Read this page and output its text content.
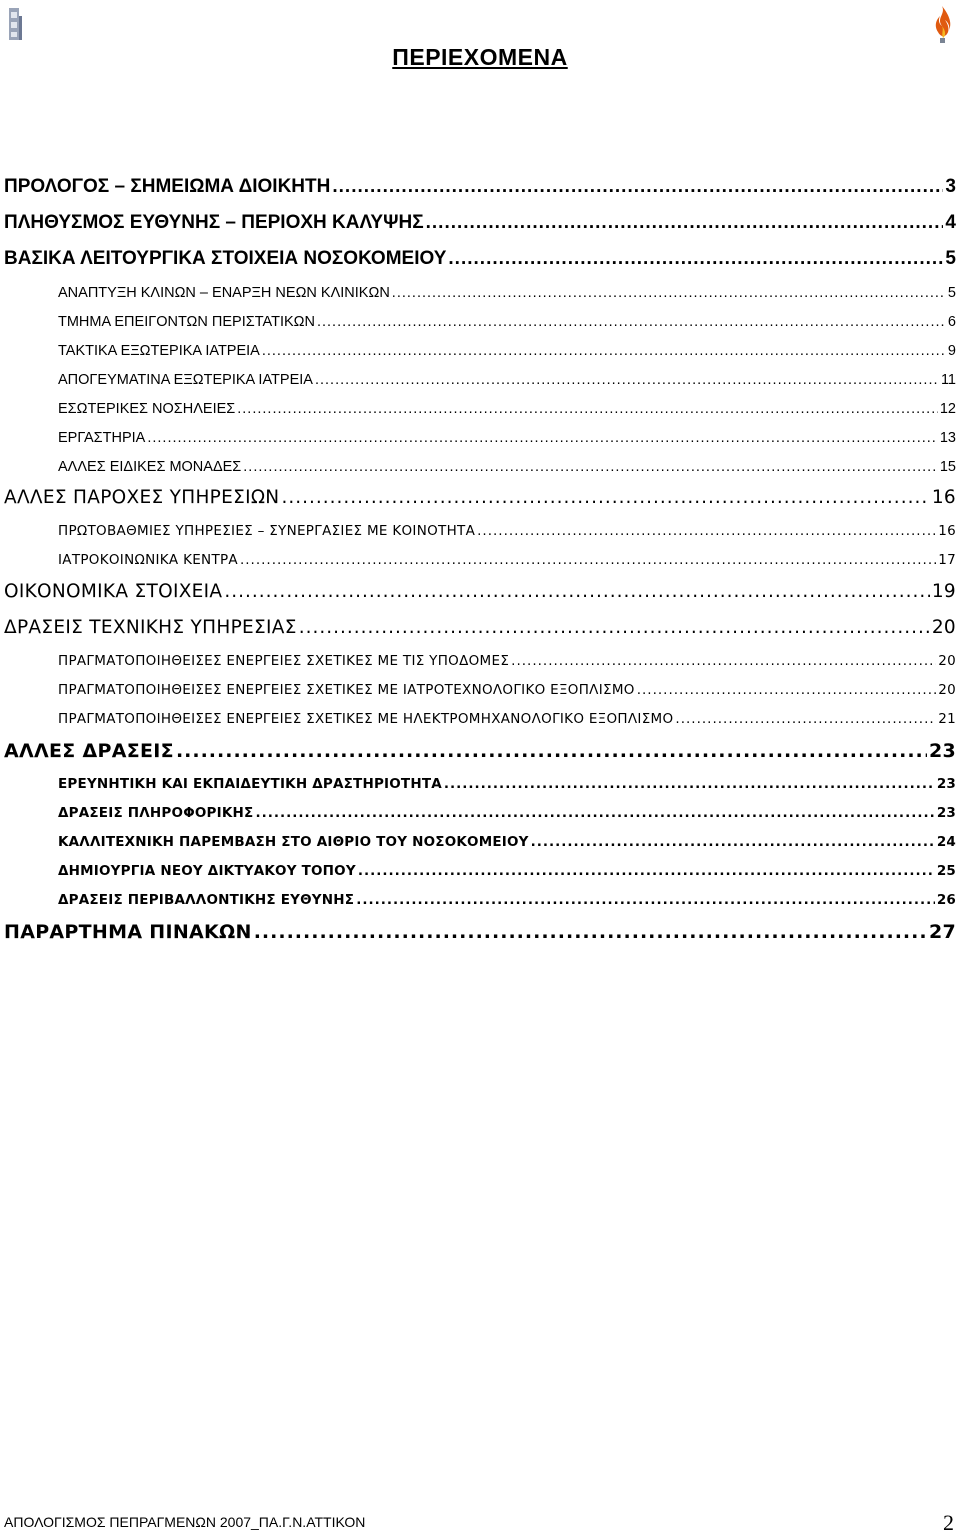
ΠΕΡΙΕΧΟΜΕΝΑ
ΠΡΟΛΟΓΟΣ – ΣΗΜΕΙΩΜΑ ΔΙΟΙΚΗΤΗ .....	3
ΠΛΗΘΥΣΜΟΣ ΕΥΘΥΝΗΣ – ΠΕΡΙΟΧΗ ΚΑΛΥΨΗΣ .....	4
ΒΑΣΙΚΑ ΛΕΙΤΟΥΡΓΙΚΑ ΣΤΟΙΧΕΙΑ ΝΟΣΟΚΟΜΕΙΟΥ .....	5
ΑΝΑΠΤΥΞΗ ΚΛΙΝΩΝ – ΕΝΑΡΞΗ ΝΕΩΝ ΚΛΙΝΙΚΩΝ .....	5
ΤΜΗΜΑ ΕΠΕΙΓΟΝΤΩΝ ΠΕΡΙΣΤΑΤΙΚΩΝ .....	6
ΤΑΚΤΙΚΑ ΕΞΩΤΕΡΙΚΑ ΙΑΤΡΕΙΑ .....	9
ΑΠΟΓΕΥΜΑΤΙΝΑ ΕΞΩΤΕΡΙΚΑ ΙΑΤΡΕΙΑ .....	11
ΕΣΩΤΕΡΙΚΕΣ ΝΟΣΗΛΕΙΕΣ .....	12
ΕΡΓΑΣΤΗΡΙΑ .....	13
ΑΛΛΕΣ ΕΙΔΙΚΕΣ ΜΟΝΑΔΕΣ .....	15
ΑΛΛΕΣ ΠΑΡΟΧΕΣ ΥΠΗΡΕΣΙΩΝ .....	16
ΠΡΩΤΟΒΑΘΜΙΕΣ ΥΠΗΡΕΣΙΕΣ – ΣΥΝΕΡΓΑΣΙΕΣ ΜΕ ΚΟΙΝΟΤΗΤΑ .....	16
ΙΑΤΡΟΚΟΙΝΩΝΙΚΑ ΚΕΝΤΡΑ .....	17
ΟΙΚΟΝΟΜΙΚΑ ΣΤΟΙΧΕΙΑ .....	19
ΔΡΑΣΕΙΣ ΤΕΧΝΙΚΗΣ ΥΠΗΡΕΣΙΑΣ .....	20
ΠΡΑΓΜΑΤΟΠΟΙΗΘΕΙΣΕΣ ΕΝΕΡΓΕΙΕΣ ΣΧΕΤΙΚΕΣ ΜΕ ΤΙΣ ΥΠΟΔΟΜΕΣ .....	20
ΠΡΑΓΜΑΤΟΠΟΙΗΘΕΙΣΕΣ ΕΝΕΡΓΕΙΕΣ ΣΧΕΤΙΚΕΣ ΜΕ ΙΑΤΡΟΤΕΧΝΟΛΟΓΙΚΟ ΕΞΟΠΛΙΣΜΟ .....	20
ΠΡΑΓΜΑΤΟΠΟΙΗΘΕΙΣΕΣ ΕΝΕΡΓΕΙΕΣ ΣΧΕΤΙΚΕΣ ΜΕ ΗΛΕΚΤΡΟΜΗΧΑΝΟΛΟΓΙΚΟ ΕΞΟΠΛΙΣΜΟ .....	21
ΑΛΛΕΣ ΔΡΑΣΕΙΣ .....	23
ΕΡΕΥΝΗΤΙΚΗ ΚΑΙ ΕΚΠΑΙΔΕΥΤΙΚΗ ΔΡΑΣΤΗΡΙΟΤΗΤΑ .....	23
ΔΡΑΣΕΙΣ ΠΛΗΡΟΦΟΡΙΚΗΣ .....	23
ΚΑΛΛΙΤΕΧΝΙΚΗ ΠΑΡΕΜΒΑΣΗ ΣΤΟ ΑΙΘΡΙΟ ΤΟΥ ΝΟΣΟΚΟΜΕΙΟΥ .....	24
ΔΗΜΙΟΥΡΓΙΑ ΝΕΟΥ ΔΙΚΤΥΑΚΟΥ ΤΟΠΟΥ .....	25
ΔΡΑΣΕΙΣ ΠΕΡΙΒΑΛΛΟΝΤΙΚΗΣ ΕΥΘΥΝΗΣ .....	26
ΠΑΡΑΡΤΗΜΑ ΠΙΝΑΚΩΝ .....	27
ΑΠΟΛΟΓΙΣΜΟΣ ΠΕΠΡΑΓΜΕΝΩΝ 2007_ΠΑ.Γ.Ν.ΑΤΤΙΚΟΝ	2
